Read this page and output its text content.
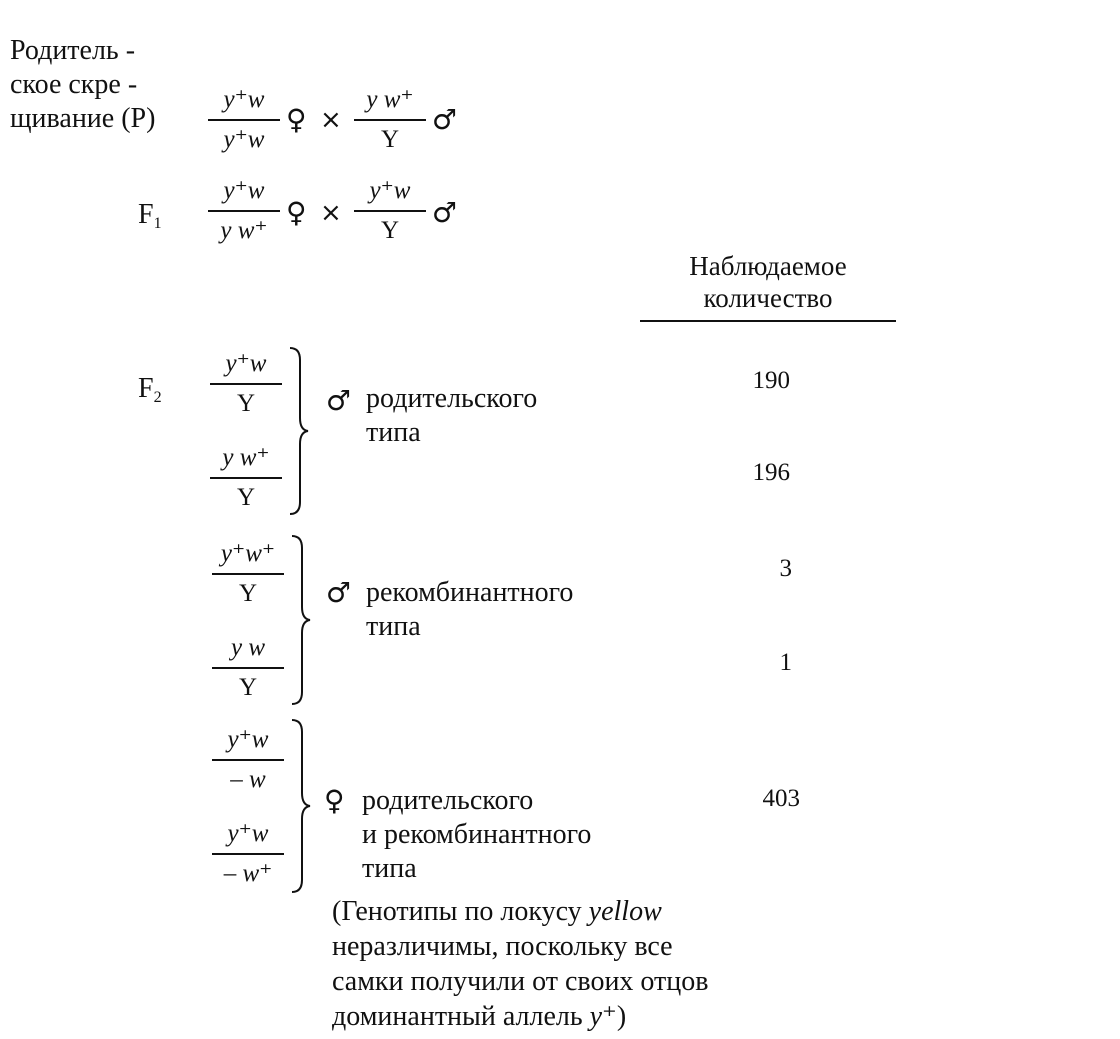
Родитель -
ское скре -
щивание (P)
y⁺w
y⁺w
♀ ×
y w⁺
Y
♂
$F_1$
y⁺w
y w⁺
♀ ×
y⁺w
Y
♂
Наблюдаемое
количество
$F_2$
y⁺w
Y
y w⁺
Y
♂ родительского
типа
190
196
y⁺w⁺
Y
y w
Y
♂ рекомбинантного
типа
3
1
y⁺w
– w
y⁺w
– w⁺
♀ родительского
и рекомбинантного
типа
403
(Генотипы по локусу yellow
неразличимы, поскольку все
самки получили от своих отцов
доминантный аллель y⁺)
